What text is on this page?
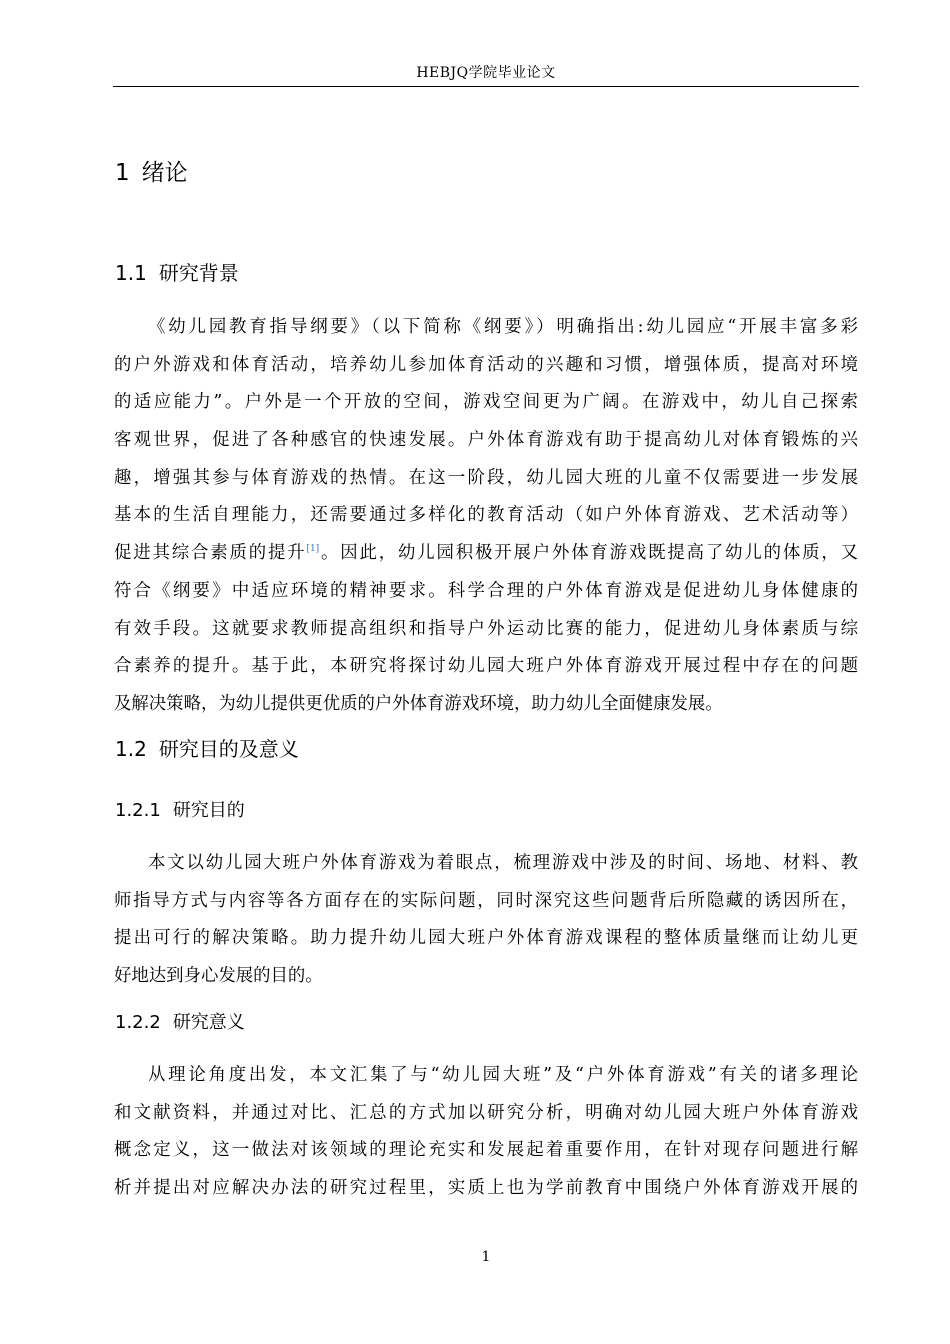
HEBJQ学院毕业论文
1 绪论
1.1 研究背景
《幼儿园教育指导纲要》（以下简称《纲要》）明确指出:幼儿园应“开展丰富多彩
的户外游戏和体育活动，培养幼儿参加体育活动的兴趣和习惯，增强体质，提高对环境
的适应能力”。户外是一个开放的空间，游戏空间更为广阔。在游戏中，幼儿自己探索
客观世界，促进了各种感官的快速发展。户外体育游戏有助于提高幼儿对体育锻炼的兴
趣，增强其参与体育游戏的热情。在这一阶段，幼儿园大班的儿童不仅需要进一步发展
基本的生活自理能力，还需要通过多样化的教育活动（如户外体育游戏、艺术活动等）
促进其综合素质的提升[1]。因此，幼儿园积极开展户外体育游戏既提高了幼儿的体质，又
符合《纲要》中适应环境的精神要求。科学合理的户外体育游戏是促进幼儿身体健康的
有效手段。这就要求教师提高组织和指导户外运动比赛的能力，促进幼儿身体素质与综
合素养的提升。基于此，本研究将探讨幼儿园大班户外体育游戏开展过程中存在的问题
及解决策略，为幼儿提供更优质的户外体育游戏环境，助力幼儿全面健康发展。
1.2 研究目的及意义
1.2.1 研究目的
本文以幼儿园大班户外体育游戏为着眼点，梳理游戏中涉及的时间、场地、材料、教
师指导方式与内容等各方面存在的实际问题，同时深究这些问题背后所隐藏的诱因所在，
提出可行的解决策略。助力提升幼儿园大班户外体育游戏课程的整体质量继而让幼儿更
好地达到身心发展的目的。
1.2.2 研究意义
从理论角度出发，本文汇集了与“幼儿园大班”及“户外体育游戏”有关的诸多理论
和文献资料，并通过对比、汇总的方式加以研究分析，明确对幼儿园大班户外体育游戏
概念定义，这一做法对该领域的理论充实和发展起着重要作用，在针对现存问题进行解
析并提出对应解决办法的研究过程里，实质上也为学前教育中围绕户外体育游戏开展的
1
